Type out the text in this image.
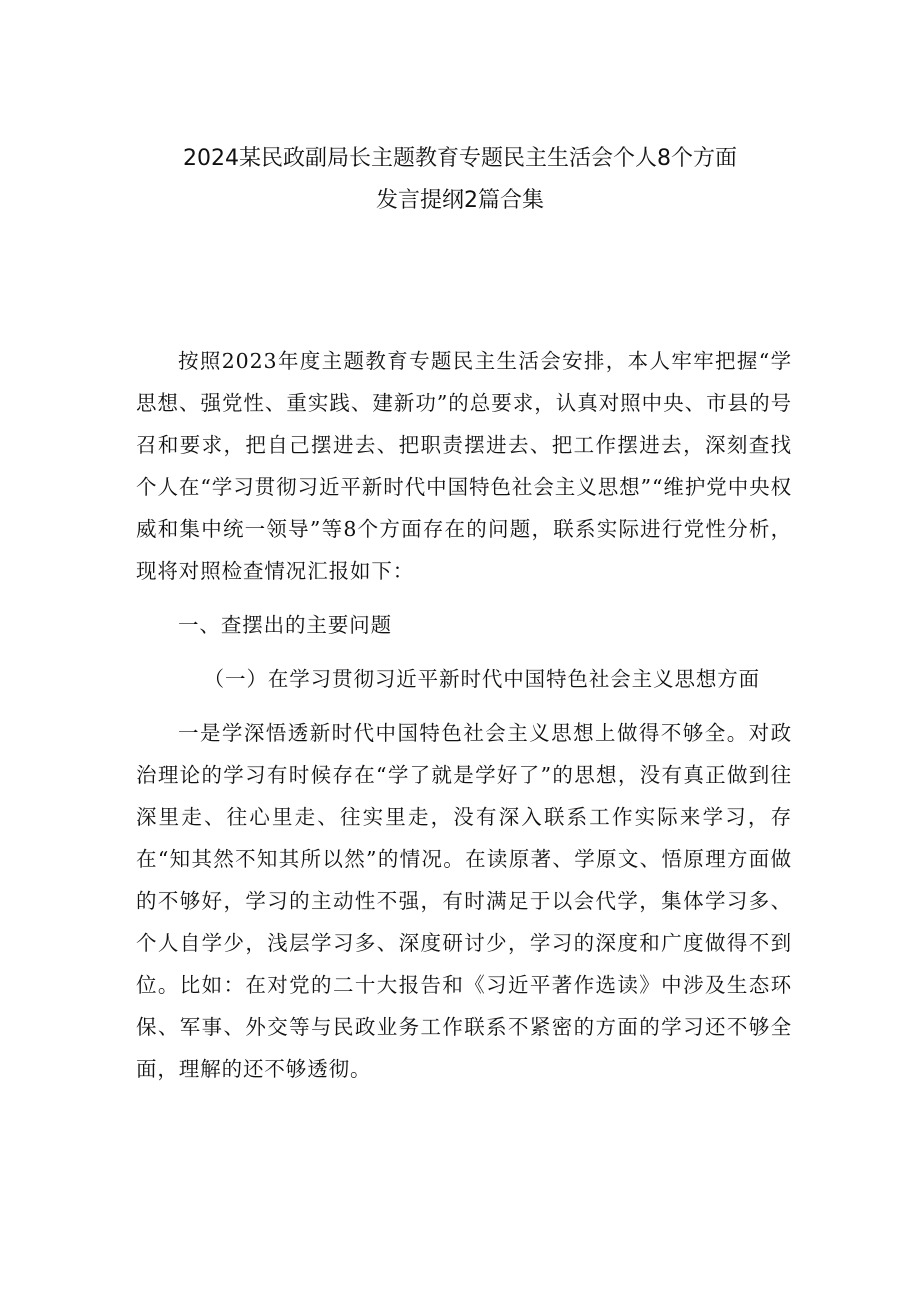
2024某民政副局长主题教育专题民主生活会个人8个方面
发言提纲2篇合集

按照2023年度主题教育专题民主生活会安排，本人牢牢把握“学思想、强党性、重实践、建新功”的总要求，认真对照中央、市县的号召和要求，把自己摆进去、把职责摆进去、把工作摆进去，深刻查找个人在“学习贯彻习近平新时代中国特色社会主义思想”“维护党中央权威和集中统一领导”等8个方面存在的问题，联系实际进行党性分析，现将对照检查情况汇报如下：

一、查摆出的主要问题

（一）在学习贯彻习近平新时代中国特色社会主义思想方面

一是学深悟透新时代中国特色社会主义思想上做得不够全。对政治理论的学习有时候存在“学了就是学好了”的思想，没有真正做到往深里走、往心里走、往实里走，没有深入联系工作实际来学习，存在“知其然不知其所以然”的情况。在读原著、学原文、悟原理方面做的不够好，学习的主动性不强，有时满足于以会代学，集体学习多、个人自学少，浅层学习多、深度研讨少，学习的深度和广度做得不到位。比如：在对党的二十大报告和《习近平著作选读》中涉及生态环保、军事、外交等与民政业务工作联系不紧密的方面的学习还不够全面，理解的还不够透彻。
